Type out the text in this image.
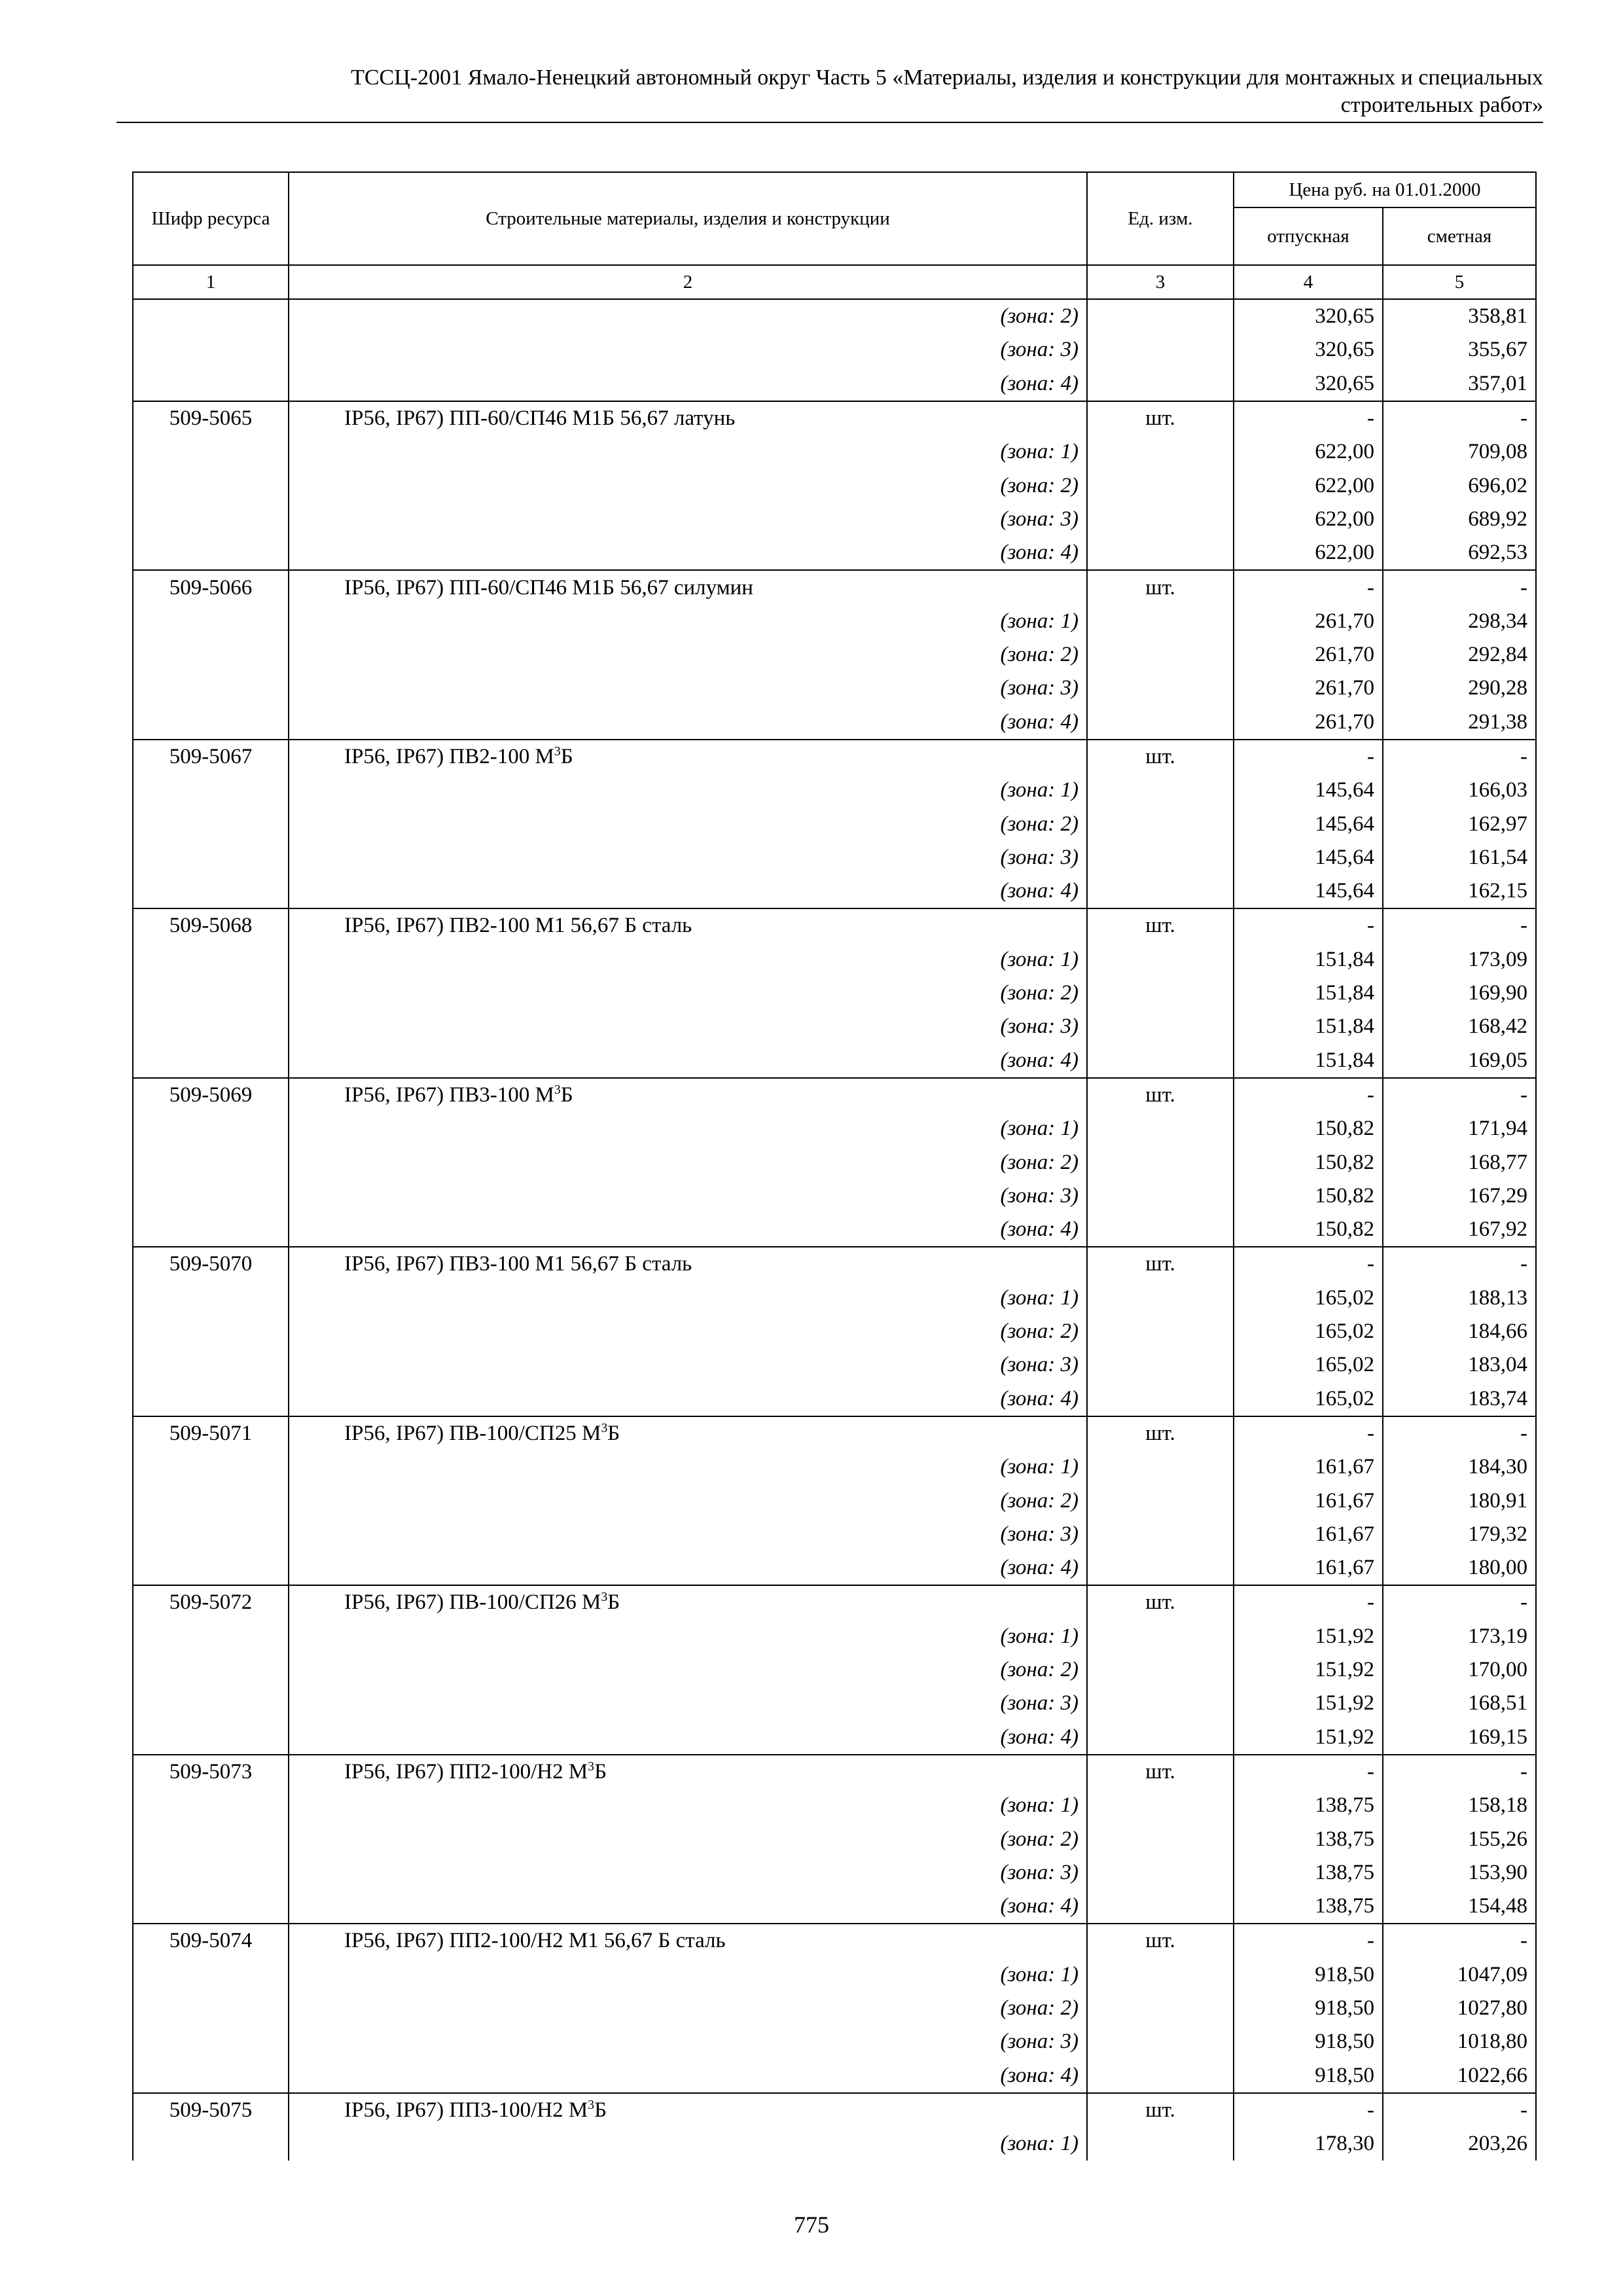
ТССЦ-2001 Ямало-Ненецкий автономный округ Часть 5 «Материалы, изделия и конструкции для монтажных и специальных
строительных работ»
Шифр ресурса	Строительные материалы, изделия и конструкции	Ед. изм.	Цена руб. на 01.01.2000	
			отпускная	сметная
1	2	3	4	5
	(зона: 2)		320,65	358,81
	(зона: 3)		320,65	355,67
	(зона: 4)		320,65	357,01
509-5065	IP56, IP67) ПП-60/СП46 М1Б 56,67 латунь	шт.	-	-
	(зона: 1)		622,00	709,08
	(зона: 2)		622,00	696,02
	(зона: 3)		622,00	689,92
	(зона: 4)		622,00	692,53
509-5066	IP56, IP67) ПП-60/СП46 М1Б 56,67 силумин	шт.	-	-
	(зона: 1)		261,70	298,34
	(зона: 2)		261,70	292,84
	(зона: 3)		261,70	290,28
	(зона: 4)		261,70	291,38
509-5067	IP56, IP67) ПВ2-100 $М^3Б$	шт.	-	-
	(зона: 1)		145,64	166,03
	(зона: 2)		145,64	162,97
	(зона: 3)		145,64	161,54
	(зона: 4)		145,64	162,15
509-5068	IP56, IP67) ПВ2-100 М1 56,67 Б сталь	шт.	-	-
	(зона: 1)		151,84	173,09
	(зона: 2)		151,84	169,90
	(зона: 3)		151,84	168,42
	(зона: 4)		151,84	169,05
509-5069	IP56, IP67) ПВ3-100 $М^3Б$	шт.	-	-
	(зона: 1)		150,82	171,94
	(зона: 2)		150,82	168,77
	(зона: 3)		150,82	167,29
	(зона: 4)		150,82	167,92
509-5070	IP56, IP67) ПВ3-100 М1 56,67 Б сталь	шт.	-	-
	(зона: 1)		165,02	188,13
	(зона: 2)		165,02	184,66
	(зона: 3)		165,02	183,04
	(зона: 4)		165,02	183,74
509-5071	IP56, IP67) ПВ-100/СП25 $М^3Б$	шт.	-	-
	(зона: 1)		161,67	184,30
	(зона: 2)		161,67	180,91
	(зона: 3)		161,67	179,32
	(зона: 4)		161,67	180,00
509-5072	IP56, IP67) ПВ-100/СП26 $М^3Б$	шт.	-	-
	(зона: 1)		151,92	173,19
	(зона: 2)		151,92	170,00
	(зона: 3)		151,92	168,51
	(зона: 4)		151,92	169,15
509-5073	IP56, IP67) ПП2-100/Н2 $М^3Б$	шт.	-	-
	(зона: 1)		138,75	158,18
	(зона: 2)		138,75	155,26
	(зона: 3)		138,75	153,90
	(зона: 4)		138,75	154,48
509-5074	IP56, IP67) ПП2-100/Н2 М1 56,67 Б сталь	шт.	-	-
	(зона: 1)		918,50	1047,09
	(зона: 2)		918,50	1027,80
	(зона: 3)		918,50	1018,80
	(зона: 4)		918,50	1022,66
509-5075	IP56, IP67) ПП3-100/Н2 $М^3Б$	шт.	-	-
	(зона: 1)		178,30	203,26
775
